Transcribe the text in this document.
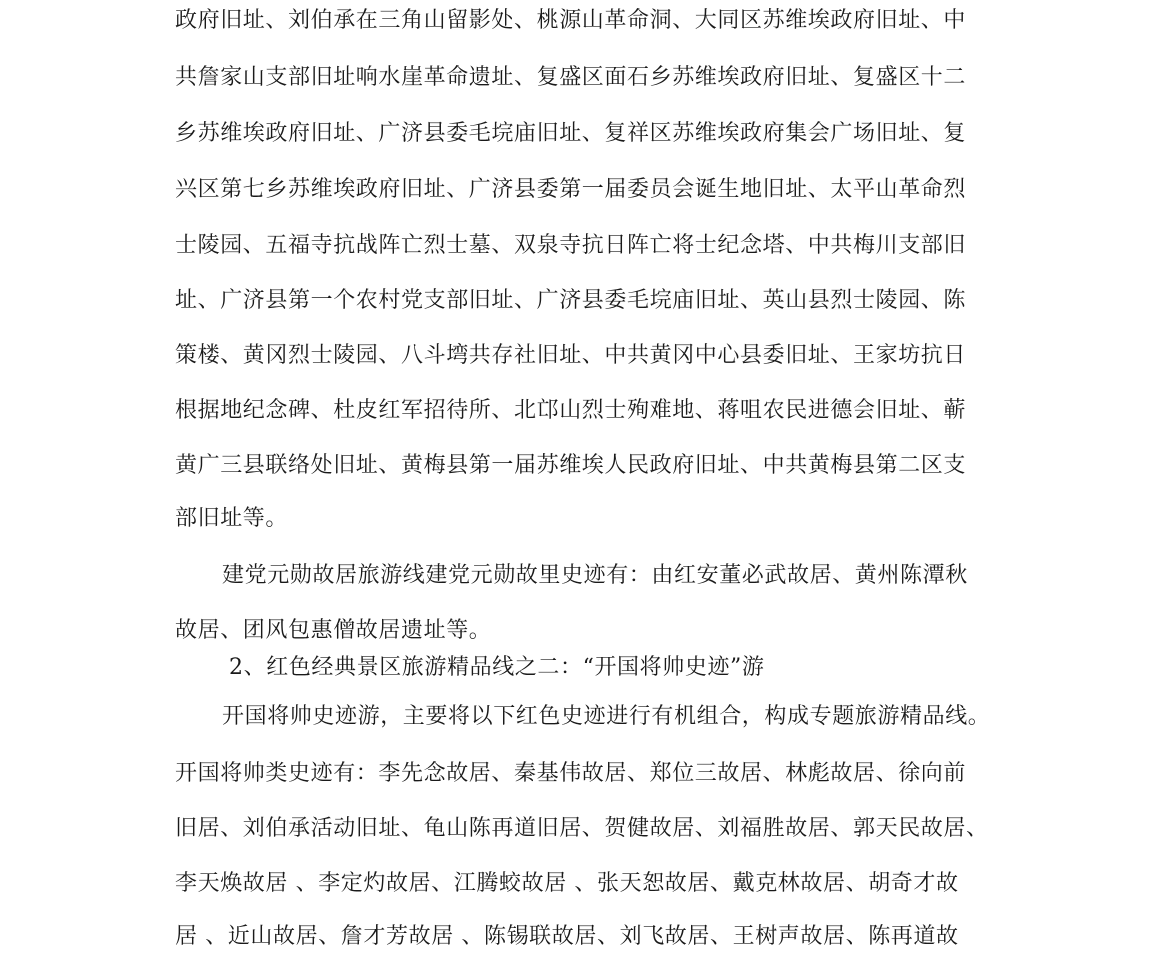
政府旧址、刘伯承在三角山留影处、桃源山革命洞、大同区苏维埃政府旧址、中
共詹家山支部旧址响水崖革命遗址、复盛区面石乡苏维埃政府旧址、复盛区十二
乡苏维埃政府旧址、广济县委毛垸庙旧址、复祥区苏维埃政府集会广场旧址、复
兴区第七乡苏维埃政府旧址、广济县委第一届委员会诞生地旧址、太平山革命烈
士陵园、五福寺抗战阵亡烈士墓、双泉寺抗日阵亡将士纪念塔、中共梅川支部旧
址、广济县第一个农村党支部旧址、广济县委毛垸庙旧址、英山县烈士陵园、陈
策楼、黄冈烈士陵园、八斗塆共存社旧址、中共黄冈中心县委旧址、王家坊抗日
根据地纪念碑、杜皮红军招待所、北邙山烈士殉难地、蒋咀农民进德会旧址、蕲
黄广三县联络处旧址、黄梅县第一届苏维埃人民政府旧址、中共黄梅县第二区支
部旧址等。
建党元勋故居旅游线建党元勋故里史迹有：由红安董必武故居、黄州陈潭秋
故居、团风包惠僧故居遗址等。
2、红色经典景区旅游精品线之二：“开国将帅史迹”游
开国将帅史迹游，主要将以下红色史迹进行有机组合，构成专题旅游精品线。
开国将帅类史迹有：李先念故居、秦基伟故居、郑位三故居、林彪故居、徐向前
旧居、刘伯承活动旧址、龟山陈再道旧居、贺健故居、刘福胜故居、郭天民故居、
李天焕故居 、李定灼故居、江腾蛟故居 、张天恕故居、戴克林故居、胡奇才故
居 、近山故居、詹才芳故居 、陈锡联故居、刘飞故居、王树声故居、陈再道故
